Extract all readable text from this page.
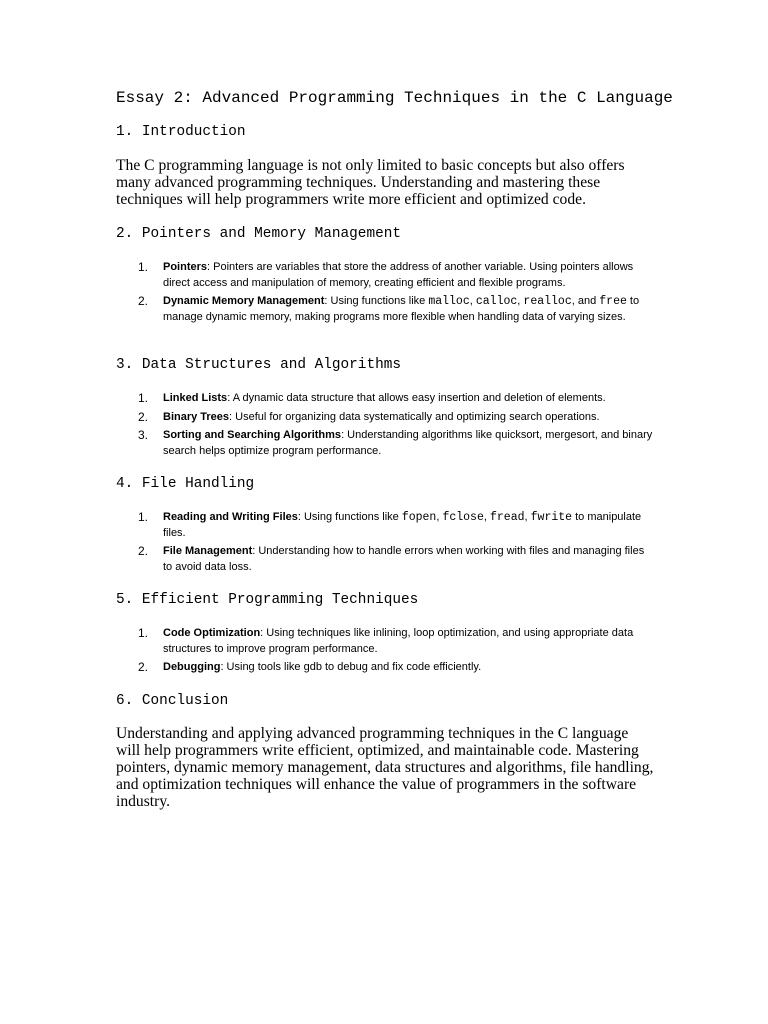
Essay 2: Advanced Programming Techniques in the C Language
1. Introduction

The C programming language is not only limited to basic concepts but also offers many advanced programming techniques. Understanding and mastering these techniques will help programmers write more efficient and optimized code.

2. Pointers and Memory Management
1. Pointers: Pointers are variables that store the address of another variable. Using pointers allows direct access and manipulation of memory, creating efficient and flexible programs.
2. Dynamic Memory Management: Using functions like malloc, calloc, realloc, and free to manage dynamic memory, making programs more flexible when handling data of varying sizes.
3. Data Structures and Algorithms
1. Linked Lists: A dynamic data structure that allows easy insertion and deletion of elements.
2. Binary Trees: Useful for organizing data systematically and optimizing search operations.
3. Sorting and Searching Algorithms: Understanding algorithms like quicksort, mergesort, and binary search helps optimize program performance.
4. File Handling
1. Reading and Writing Files: Using functions like fopen, fclose, fread, fwrite to manipulate files.
2. File Management: Understanding how to handle errors when working with files and managing files to avoid data loss.
5. Efficient Programming Techniques
1. Code Optimization: Using techniques like inlining, loop optimization, and using appropriate data structures to improve program performance.
2. Debugging: Using tools like gdb to debug and fix code efficiently.
6. Conclusion

Understanding and applying advanced programming techniques in the C language will help programmers write efficient, optimized, and maintainable code. Mastering pointers, dynamic memory management, data structures and algorithms, file handling, and optimization techniques will enhance the value of programmers in the software industry.
